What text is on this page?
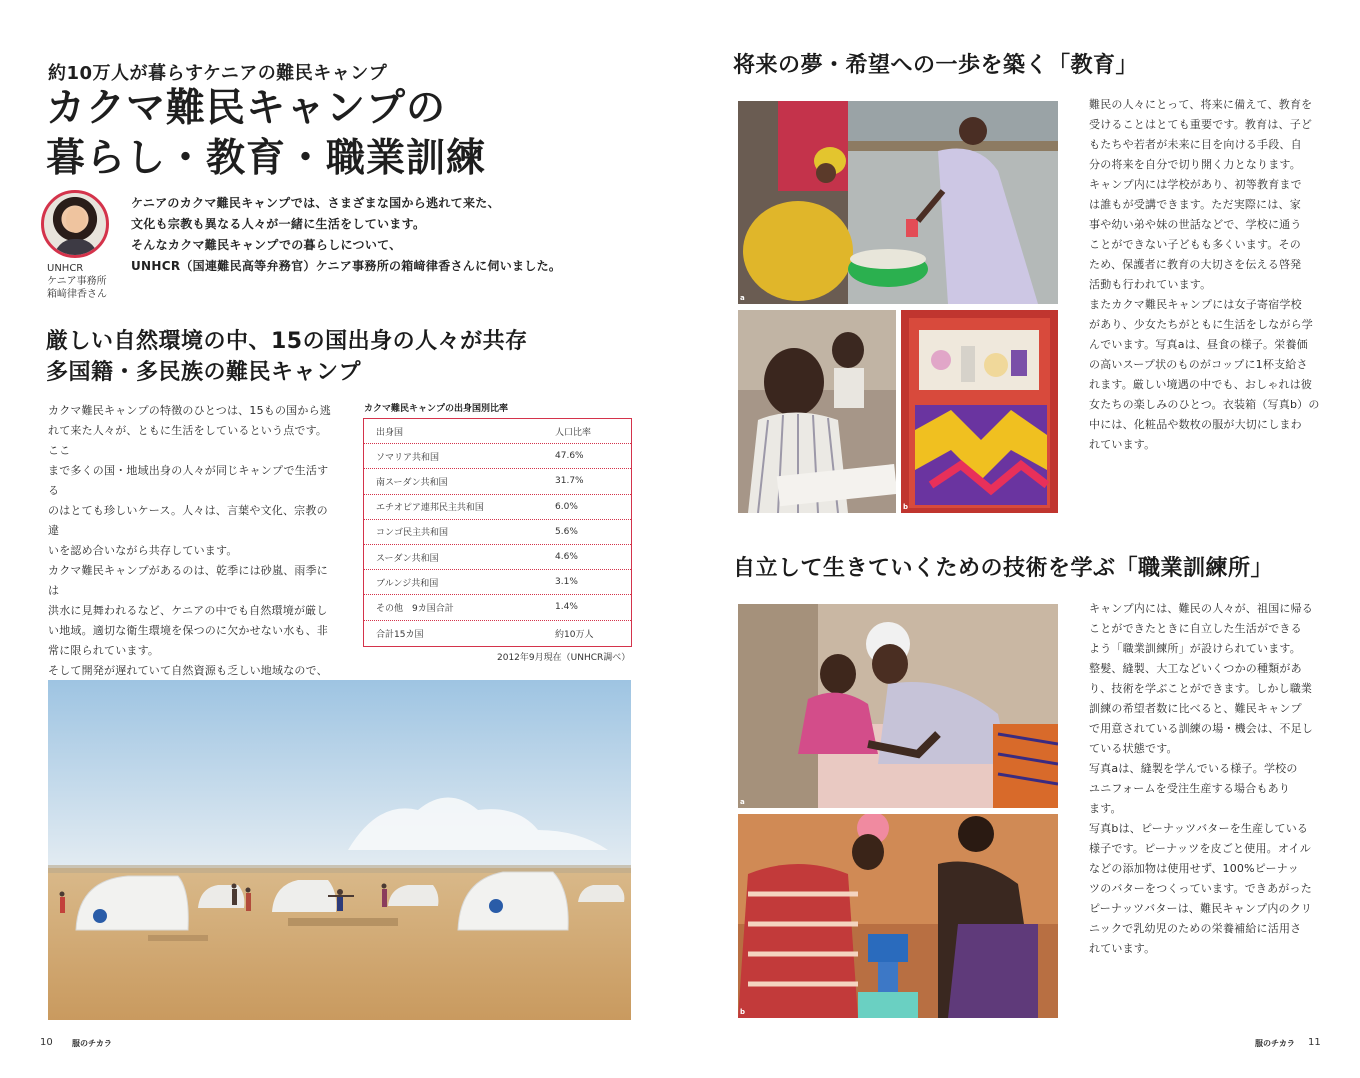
約10万人が暮らすケニアの難民キャンプ
カクマ難民キャンプの
暮らし・教育・職業訓練
UNHCR
ケニア事務所
箱﨑律香さん
ケニアのカクマ難民キャンプでは、さまざまな国から逃れて来た、
文化も宗教も異なる人々が一緒に生活をしています。
そんなカクマ難民キャンプでの暮らしについて、
UNHCR（国連難民高等弁務官）ケニア事務所の箱﨑律香さんに伺いました。
厳しい自然環境の中、15の国出身の人々が共存
多国籍・多民族の難民キャンプ
カクマ難民キャンプの特徴のひとつは、15もの国から逃
れて来た人々が、ともに生活をしているという点です。ここ
まで多くの国・地域出身の人々が同じキャンプで生活する
のはとても珍しいケース。人々は、言葉や文化、宗教の違
いを認め合いながら共存しています。
カクマ難民キャンプがあるのは、乾季には砂嵐、雨季には
洪水に見舞われるなど、ケニアの中でも自然環境が厳し
い地域。適切な衛生環境を保つのに欠かせない水も、非
常に限られています。
そして開発が遅れていて自然資源も乏しい地域なので、
カクマ難民キャンプの出身国別比率
出身国	人口比率
ソマリア共和国	47.6%
南スーダン共和国	31.7%
エチオピア連邦民主共和国	6.0%
コンゴ民主共和国	5.6%
スーダン共和国	4.6%
ブルンジ共和国	3.1%
その他　9カ国合計	1.4%
合計15カ国	約10万人
2012年9月現在（UNHCR調べ）
10 服のチカラ
将来の夢・希望への一歩を築く「教育」
a
b
難民の人々にとって、将来に備えて、教育を
受けることはとても重要です。教育は、子ど
もたちや若者が未来に目を向ける手段、自
分の将来を自分で切り開く力となります。
キャンプ内には学校があり、初等教育まで
は誰もが受講できます。ただ実際には、家
事や幼い弟や妹の世話などで、学校に通う
ことができない子どもも多くいます。その
ため、保護者に教育の大切さを伝える啓発
活動も行われています。
またカクマ難民キャンプには女子寄宿学校
があり、少女たちがともに生活をしながら学
んでいます。写真aは、昼食の様子。栄養価
の高いスープ状のものがコップに1杯支給さ
れます。厳しい境遇の中でも、おしゃれは彼
女たちの楽しみのひとつ。衣装箱（写真b）の
中には、化粧品や数枚の服が大切にしまわ
れています。
自立して生きていくための技術を学ぶ「職業訓練所」
a
b
キャンプ内には、難民の人々が、祖国に帰る
ことができたときに自立した生活ができる
よう「職業訓練所」が設けられています。
整髪、縫製、大工などいくつかの種類があ
り、技術を学ぶことができます。しかし職業
訓練の希望者数に比べると、難民キャンプ
で用意されている訓練の場・機会は、不足し
ている状態です。
写真aは、縫製を学んでいる様子。学校の
ユニフォームを受注生産する場合もあり
ます。
写真bは、ピーナッツバターを生産している
様子です。ピーナッツを皮ごと使用。オイル
などの添加物は使用せず、100%ピーナッ
ツのバターをつくっています。できあがった
ピーナッツバターは、難民キャンプ内のクリ
ニックで乳幼児のための栄養補給に活用さ
れています。
服のチカラ 11
